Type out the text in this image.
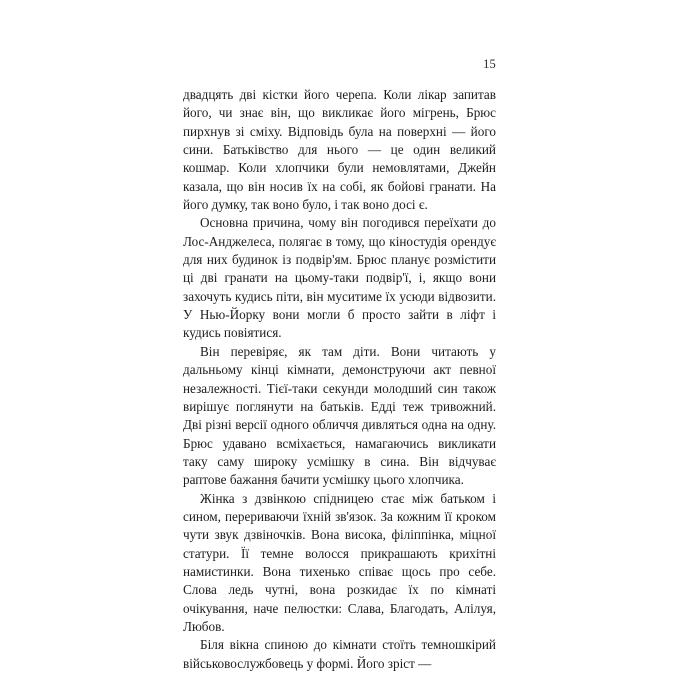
15

двадцять дві кістки його черепа. Коли лікар запитав його, чи знає він, що викликає його мігрень, Брюс пирхнув зі сміху. Відповідь була на поверхні — його сини. Батьківство для нього — це один великий кошмар. Коли хлопчики були немовлятами, Джейн казала, що він носив їх на собі, як бойові гранати. На його думку, так воно було, і так воно досі є.

Основна причина, чому він погодився переїхати до Лос-Анджелеса, полягає в тому, що кіностудія орендує для них будинок із подвір'ям. Брюс планує розмістити ці дві гранати на цьому-таки подвір'ї, і, якщо вони захочуть кудись піти, він муситиме їх усюди відвозити. У Нью-Йорку вони могли б просто зайти в ліфт і кудись повіятися.

Він перевіряє, як там діти. Вони читають у дальньому кінці кімнати, демонструючи акт певної незалежності. Тієї-таки секунди молодший син також вирішує поглянути на батьків. Едді теж тривожний. Дві різні версії одного обличчя дивляться одна на одну. Брюс удавано всміхається, намагаючись викликати таку саму широку усмішку в сина. Він відчуває раптове бажання бачити усмішку цього хлопчика.

Жінка з дзвінкою спідницею стає між батьком і сином, перериваючи їхній зв'язок. За кожним її кроком чути звук дзвіночків. Вона висока, філіппінка, міцної статури. Її темне волосся прикрашають крихітні намистинки. Вона тихенько співає щось про себе. Слова ледь чутні, вона розкидає їх по кімнаті очікування, наче пелюстки: Слава, Благодать, Алілуя, Любов.

Біля вікна спиною до кімнати стоїть темношкірий військовослужбовець у формі. Його зріст —
